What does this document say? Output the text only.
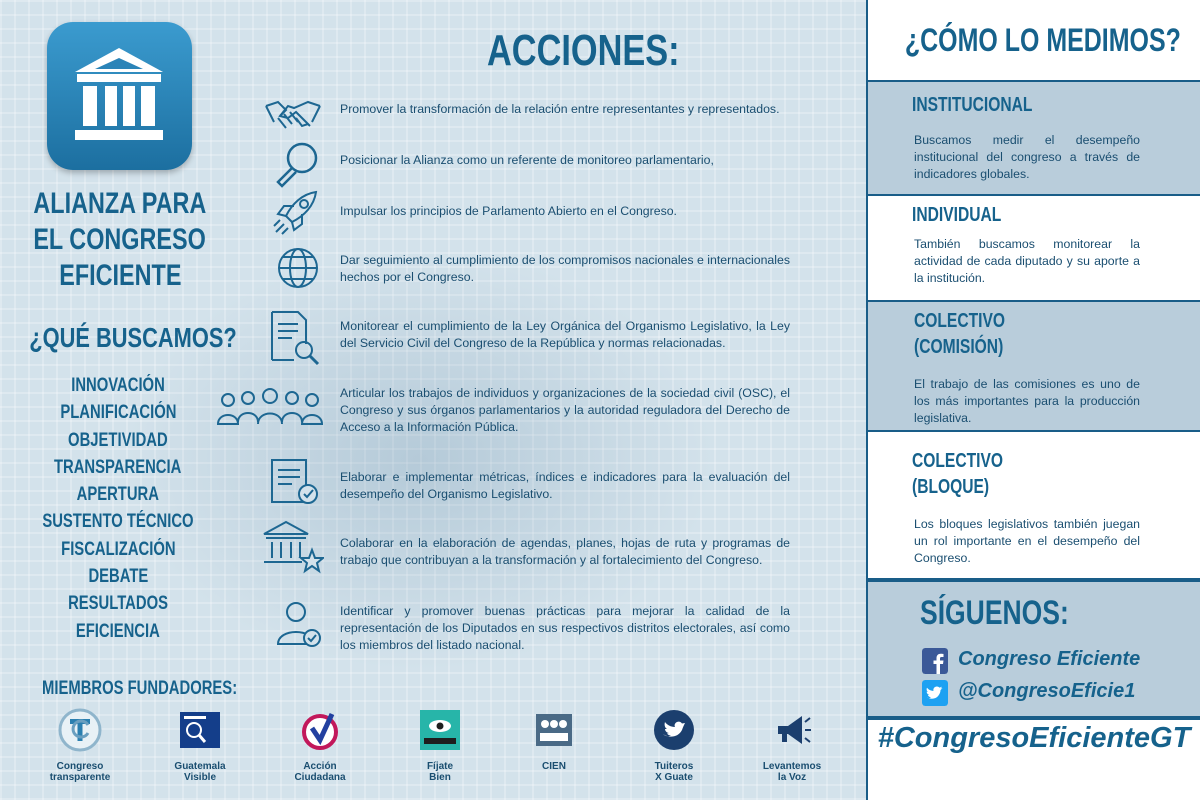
ALIANZA PARA
EL CONGRESO
EFICIENTE
¿QUÉ BUSCAMOS?
INNOVACIÓN
PLANIFICACIÓN
OBJETIVIDAD
TRANSPARENCIA
APERTURA
SUSTENTO TÉCNICO
FISCALIZACIÓN
DEBATE
RESULTADOS
EFICIENCIA
MIEMBROS FUNDADORES:
Congreso
transparente
Guatemala
Visible
Acción
Ciudadana
Fíjate
Bien
CIEN	Tuiteros
X Guate
Levantemos
la Voz
ACCIONES:
Promover la transformación de la relación entre representantes y representados.
Posicionar la Alianza como un referente de monitoreo parlamentario,
Impulsar los principios de Parlamento Abierto en el Congreso.
Dar seguimiento al cumplimiento de los compromisos nacionales e internacionales hechos por el Congreso.
Monitorear el cumplimiento de la Ley Orgánica del Organismo Legislativo, la Ley del Servicio Civil del Congreso de la República y normas relacionadas.
Articular los trabajos de individuos y organizaciones de la sociedad civil (OSC), el Congreso y sus órganos parlamentarios y la autoridad reguladora del Derecho de Acceso a la Información Pública.
Elaborar e implementar métricas, índices e indicadores para la evaluación del desempeño del Organismo Legislativo.
Colaborar en la elaboración de agendas, planes, hojas de ruta y programas de trabajo que contribuyan a la transformación y al fortalecimiento del Congreso.
Identificar y promover buenas prácticas para mejorar la calidad de la representación de los Diputados en sus respectivos distritos electorales, así como los miembros del listado nacional.
¿CÓMO LO MEDIMOS?
INSTITUCIONAL
Buscamos medir el desempeño institucional del congreso a través de indicadores globales.
INDIVIDUAL
También buscamos monitorear la actividad de cada diputado y su aporte a la institución.
COLECTIVO
(COMISIÓN)
El trabajo de las comisiones es uno de los más importantes para la producción legislativa.
COLECTIVO
(BLOQUE)
Los bloques legislativos también juegan un rol importante en el desempeño del Congreso.
SÍGUENOS:
Congreso Eficiente
@CongresoEficie1
#CongresoEficienteGT
